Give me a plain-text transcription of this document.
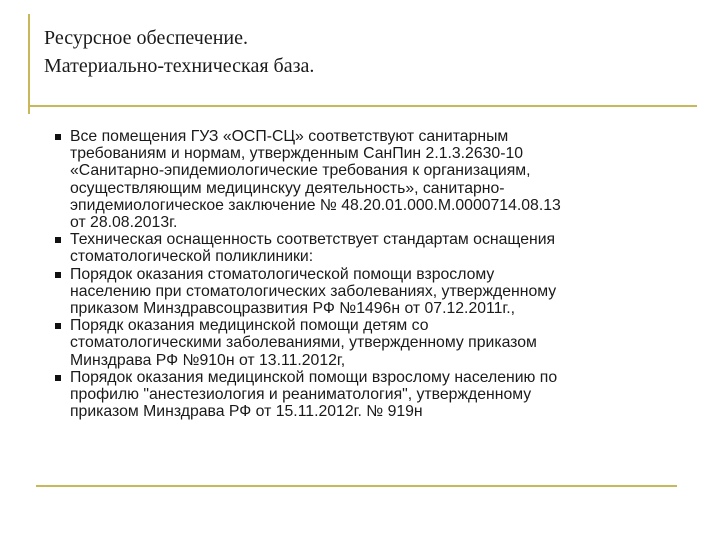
Ресурсное обеспечение.
Материально-техническая база.
Все помещения ГУЗ «ОСП-СЦ» соответствуют санитарным
требованиям и нормам, утвержденным СанПин 2.1.3.2630-10
«Санитарно-эпидемиологические требования к организациям,
осуществляющим медицинскуу деятельность», санитарно-
эпидемиологическое заключение № 48.20.01.000.М.0000714.08.13
от 28.08.2013г.
Техническая оснащенность соответствует стандартам оснащения
стоматологической поликлиники:
Порядок оказания стоматологической помощи взрослому
населению при стоматологических заболеваниях, утвержденному
приказом Минздравсоцразвития РФ №1496н от 07.12.2011г.,
Порядк оказания медицинской помощи детям со
стоматологическими заболеваниями, утвержденному приказом
Минздрава РФ №910н от 13.11.2012г,
Порядок оказания медицинской помощи взрослому населению по
профилю "анестезиология и реаниматология", утвержденному
приказом Минздрава РФ от 15.11.2012г. № 919н
